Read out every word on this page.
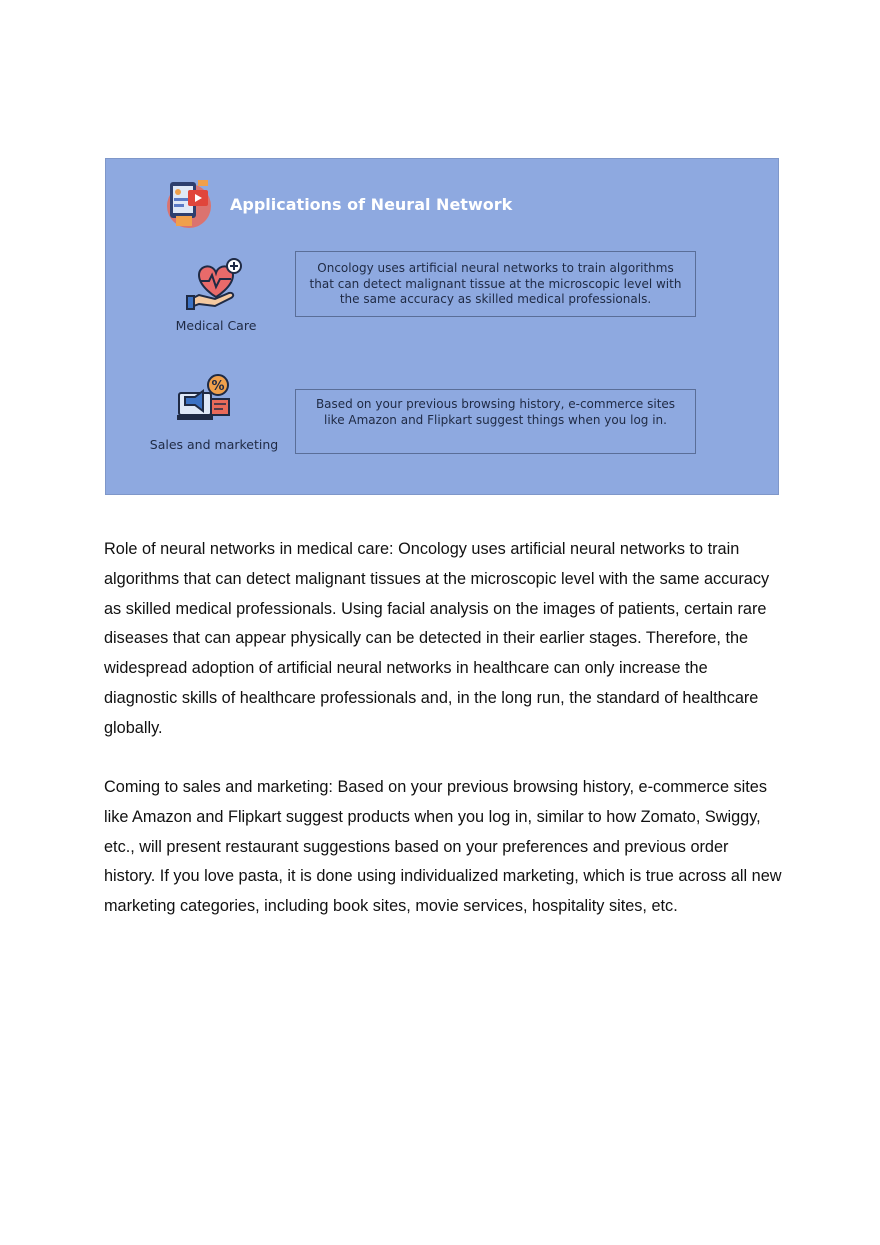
Applications of Neural Network
Medical Care
Oncology uses artificial neural networks to train algorithms that can detect malignant tissue at the microscopic level with the same accuracy as skilled medical professionals.
%
Sales and marketing
Based on your previous browsing history, e-commerce sites like Amazon and Flipkart suggest things when you log in.

Role of neural networks in medical care: Oncology uses artificial neural networks to train algorithms that can detect malignant tissues at the microscopic level with the same accuracy as skilled medical professionals. Using facial analysis on the images of patients, certain rare diseases that can appear physically can be detected in their earlier stages. Therefore, the widespread adoption of artificial neural networks in healthcare can only increase the diagnostic skills of healthcare professionals and, in the long run, the standard of healthcare globally.

Coming to sales and marketing: Based on your previous browsing history, e-commerce sites like Amazon and Flipkart suggest products when you log in, similar to how Zomato, Swiggy, etc., will present restaurant suggestions based on your preferences and previous order history. If you love pasta, it is done using individualized marketing, which is true across all new marketing categories, including book sites, movie services, hospitality sites, etc.
